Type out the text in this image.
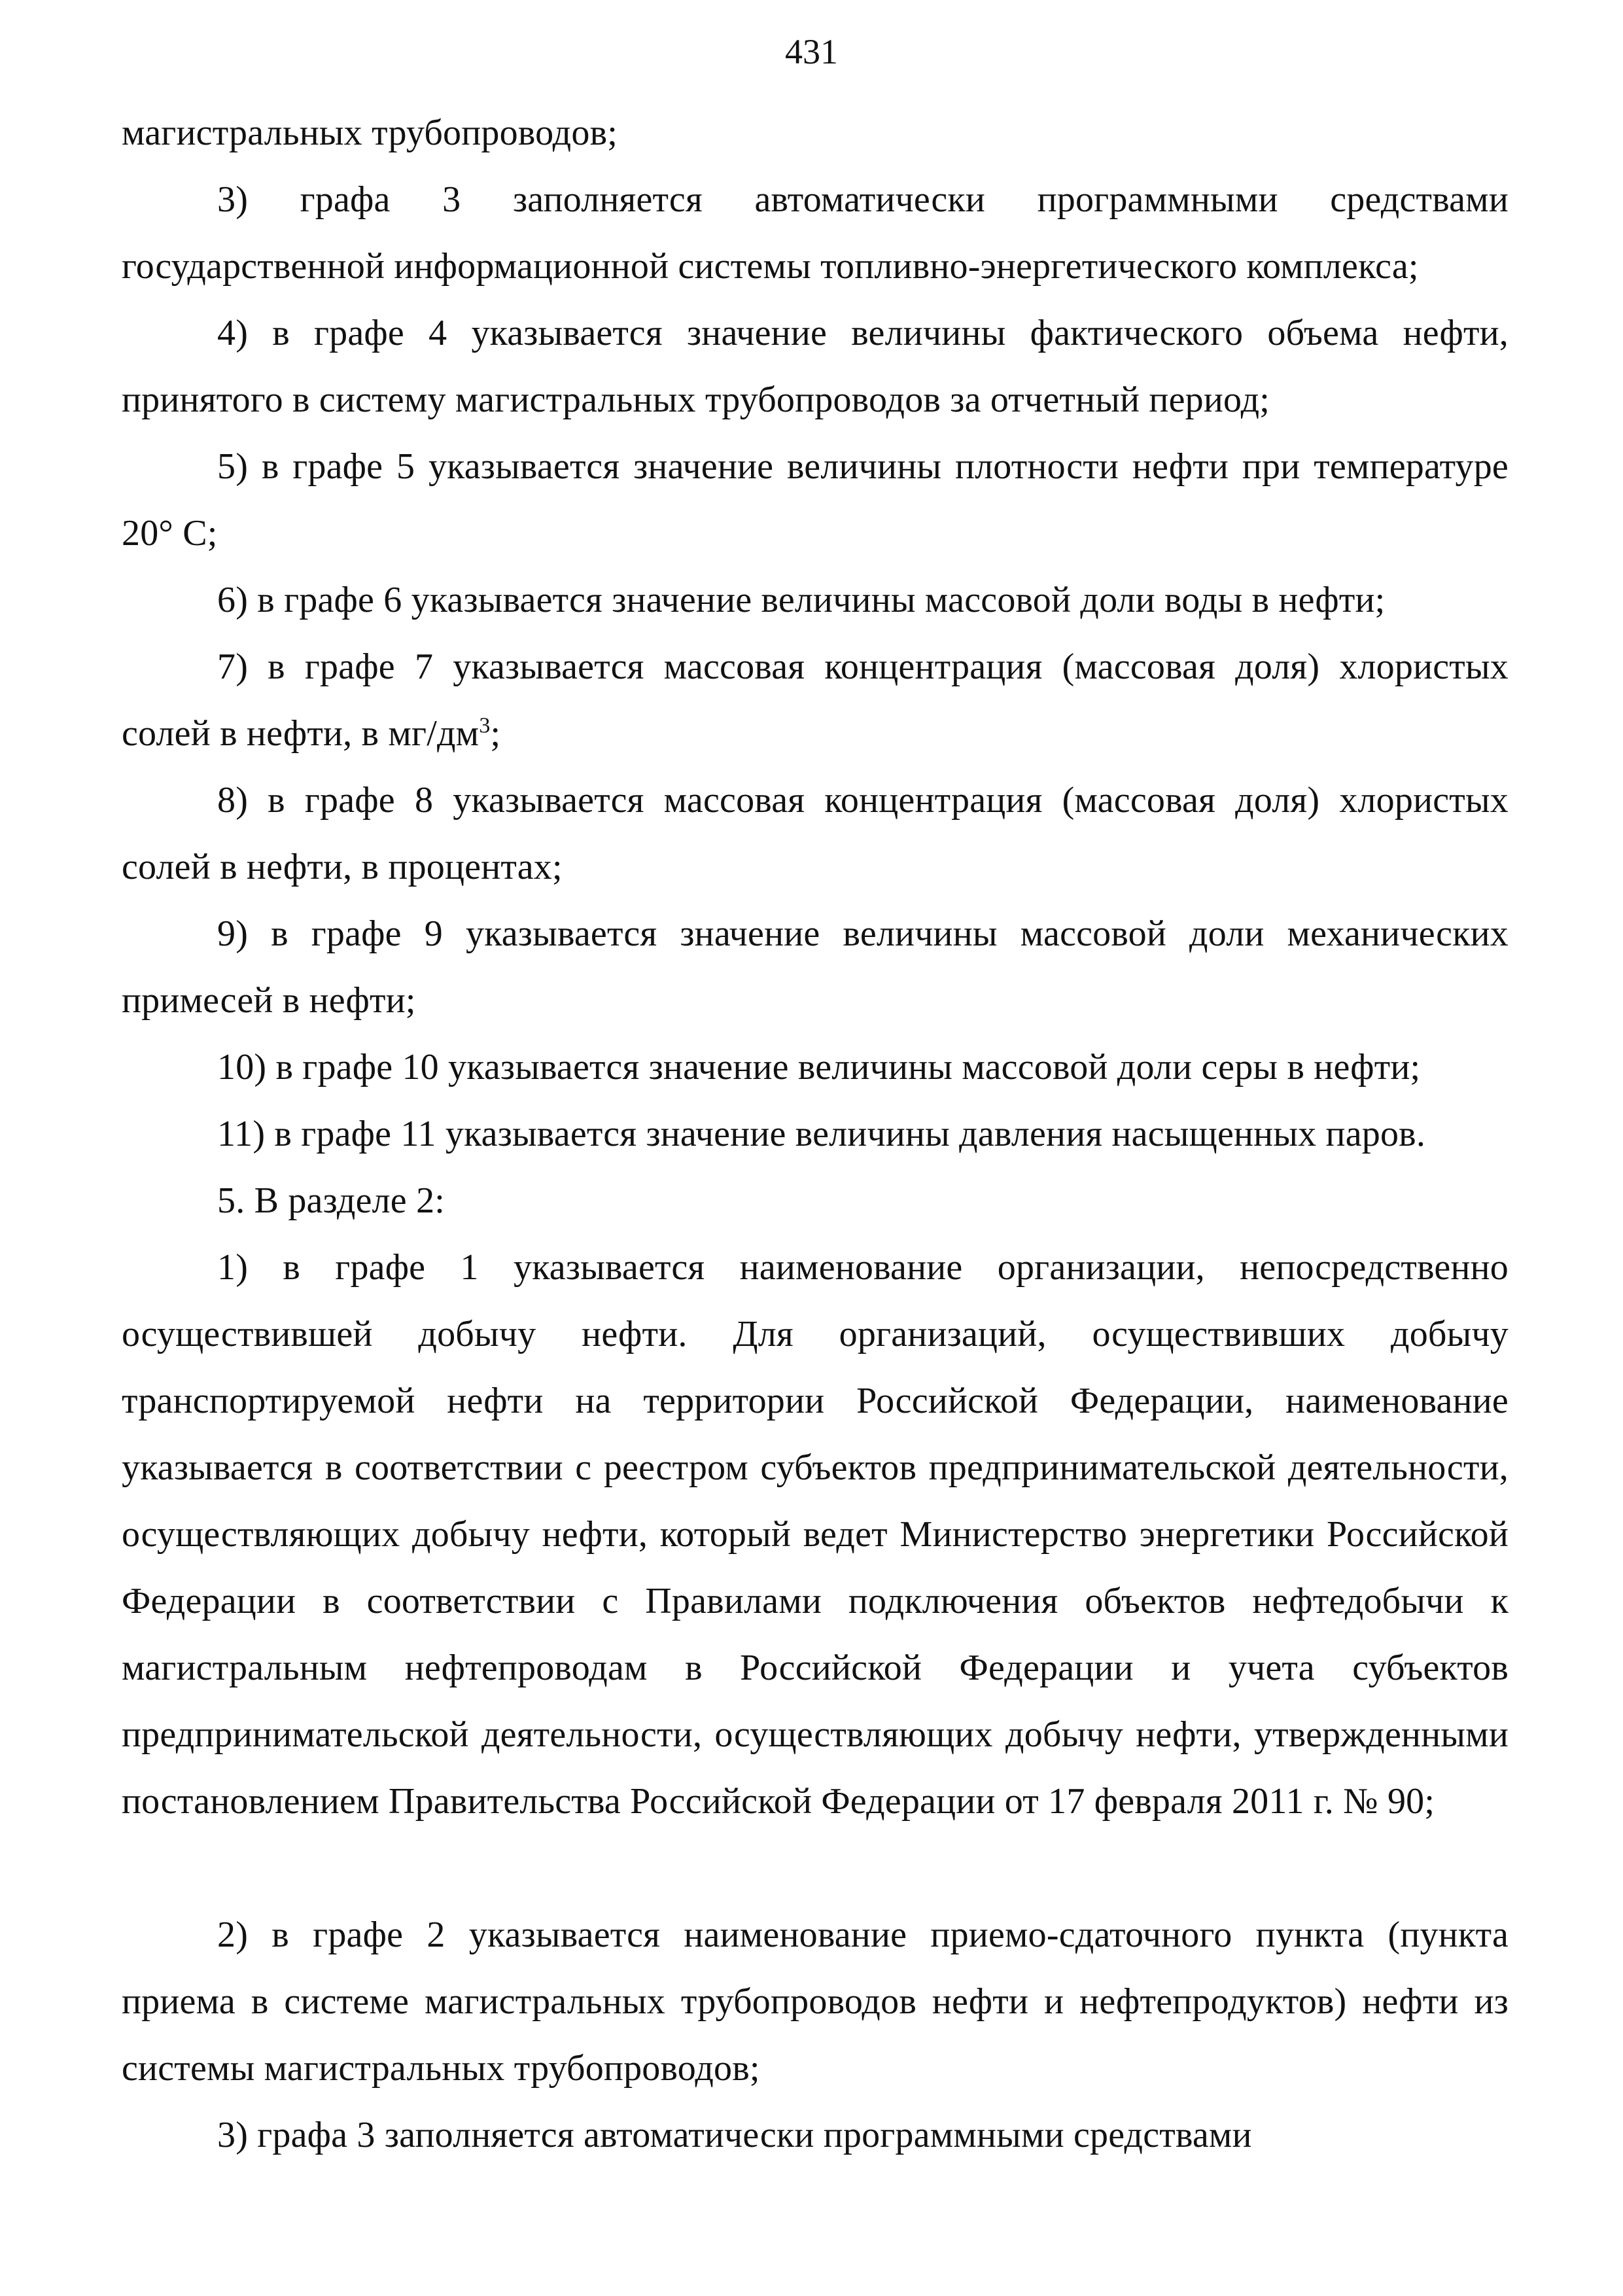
431

магистральных трубопроводов;

3) графа 3 заполняется автоматически программными средствами государственной информационной системы топливно-энергетического комплекса;

4) в графе 4 указывается значение величины фактического объема нефти, принятого в систему магистральных трубопроводов за отчетный период;

5) в графе 5 указывается значение величины плотности нефти при температуре 20° С;

6) в графе 6 указывается значение величины массовой доли воды в нефти;

7) в графе 7 указывается массовая концентрация (массовая доля) хлористых солей в нефти, в $мг/дм^3$;

8) в графе 8 указывается массовая концентрация (массовая доля) хлористых солей в нефти, в процентах;

9) в графе 9 указывается значение величины массовой доли механических примесей в нефти;

10) в графе 10 указывается значение величины массовой доли серы в нефти;

11) в графе 11 указывается значение величины давления насыщенных паров.

5. В разделе 2:

1) в графе 1 указывается наименование организации, непосредственно осуществившей добычу нефти. Для организаций, осуществивших добычу транспортируемой нефти на территории Российской Федерации, наименование указывается в соответствии с реестром субъектов предпринимательской деятельности, осуществляющих добычу нефти, который ведет Министерство энергетики Российской Федерации в соответствии с Правилами подключения объектов нефтедобычи к магистральным нефтепроводам в Российской Федерации и учета субъектов предпринимательской деятельности, осуществляющих добычу нефти, утвержденными постановлением Правительства Российской Федерации от 17 февраля 2011 г. № 90;

2) в графе 2 указывается наименование приемо-сдаточного пункта (пункта приема в системе магистральных трубопроводов нефти и нефтепродуктов) нефти из системы магистральных трубопроводов;

3) графа 3 заполняется автоматически программными средствами
